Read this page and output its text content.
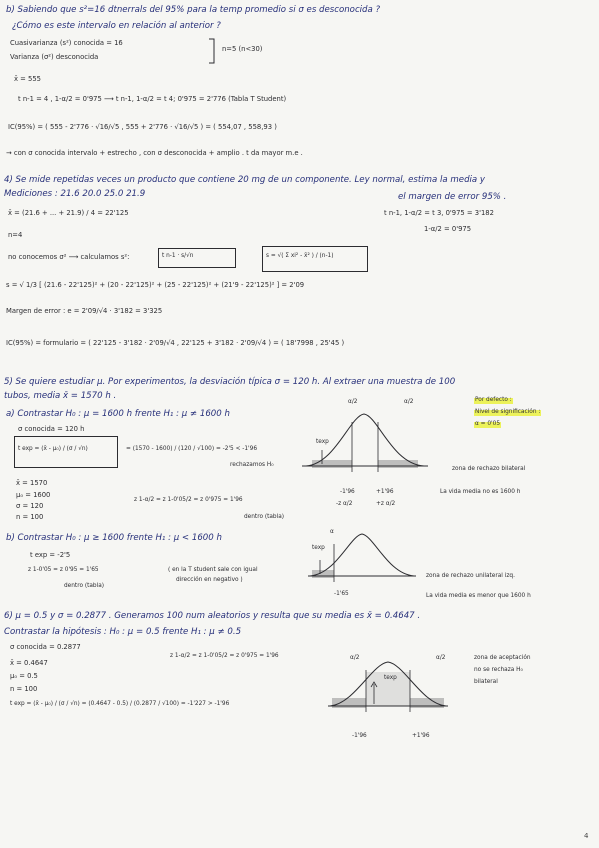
b) Sabiendo que s²=16 dtnerrals del 95% para la temp promedio si σ es desconocida ?
¿Cómo es este intervalo en relación al anterior ?
Cuasivarianza (s²) conocida = 16
Varianza (σ²) desconocida
n=5 (n<30)
x̄ = 555
t n-1 = 4 , 1-α/2 = 0'975 ⟶ t n-1, 1-α/2 = t 4; 0'975 = 2'776 (Tabla T Student)
IC(95%) = ( 555 - 2'776 · √16/√5 , 555 + 2'776 · √16/√5 ) = ( 554,07 , 558,93 )
→ con σ conocida intervalo + estrecho , con σ desconocida + amplio . t da mayor m.e .
4) Se mide repetidas veces un producto que contiene 20 mg de un componente. Ley normal, estima la media y
Mediciones : 21.6 20.0 25.0 21.9	el margen de error 95% .
x̄ = (21.6 + ... + 21.9) / 4 = 22'125	t n-1, 1-α/2 = t 3, 0'975 = 3'182
1-α/2 = 0'975
n=4
no conocemos σ² ⟶ calculamos s²:	t n-1 · s/√n	s = √( Σ xi² - x̄² ) / (n-1)
s = √ 1/3 [ (21.6 - 22'125)² + (20 - 22'125)² + (25 - 22'125)² + (21'9 - 22'125)² ] = 2'09
Margen de error : e = 2'09/√4 · 3'182 = 3'325
IC(95%) = formulario = ( 22'125 - 3'182 · 2'09/√4 , 22'125 + 3'182 · 2'09/√4 ) = ( 18'7998 , 25'45 )
5) Se quiere estudiar μ. Por experimentos, la desviación típica σ = 120 h. Al extraer una muestra de 100
tubos, media x̄ = 1570 h .	Por defecto :
Nivel de significación :
α = 0'05
a) Contrastar H₀ : μ = 1600 h frente H₁ : μ ≠ 1600 h
σ conocida = 120 h
t exp = (x̄ - μ₀) / (σ / √n)	= (1570 - 1600) / (120 / √100) = -2'5 < -1'96
rechazamos H₀
x̄ = 1570
μ₀ = 1600
σ = 120
n = 100
z 1-α/2 = z 1-0'05/2 = z 0'975 = 1'96
dentro (tabla)
α/2	α/2
texp
-1'96	+1'96
-z α/2	+z α/2
zona de rechazo bilateral
La vida media no es 1600 h
b) Contrastar H₀ : μ ≥ 1600 frente H₁ : μ < 1600 h
t exp = -2'5
z 1-0'05 = z 0'95 = 1'65
dentro (tabla)
( en la T student sale con igual
dirección en negativo )
α
texp
-1'65
zona de rechazo unilateral izq.
La vida media es menor que 1600 h
6) μ = 0.5 y σ = 0.2877 . Generamos 100 num aleatorios y resulta que su media es x̄ = 0.4647 .
Contrastar la hipótesis : H₀ : μ = 0.5 frente H₁ : μ ≠ 0.5
σ conocida = 0.2877
x̄ = 0.4647
μ₀ = 0.5
n = 100
z 1-α/2 = z 1-0'05/2 = z 0'975 = 1'96	α/2
t exp = (x̄ - μ₀) / (σ / √n) = (0.4647 - 0.5) / (0.2877 / √100) = -1'227 > -1'96
α/2
texp
-1'96	+1'96
zona de aceptación
no se rechaza H₀
bilateral
4
